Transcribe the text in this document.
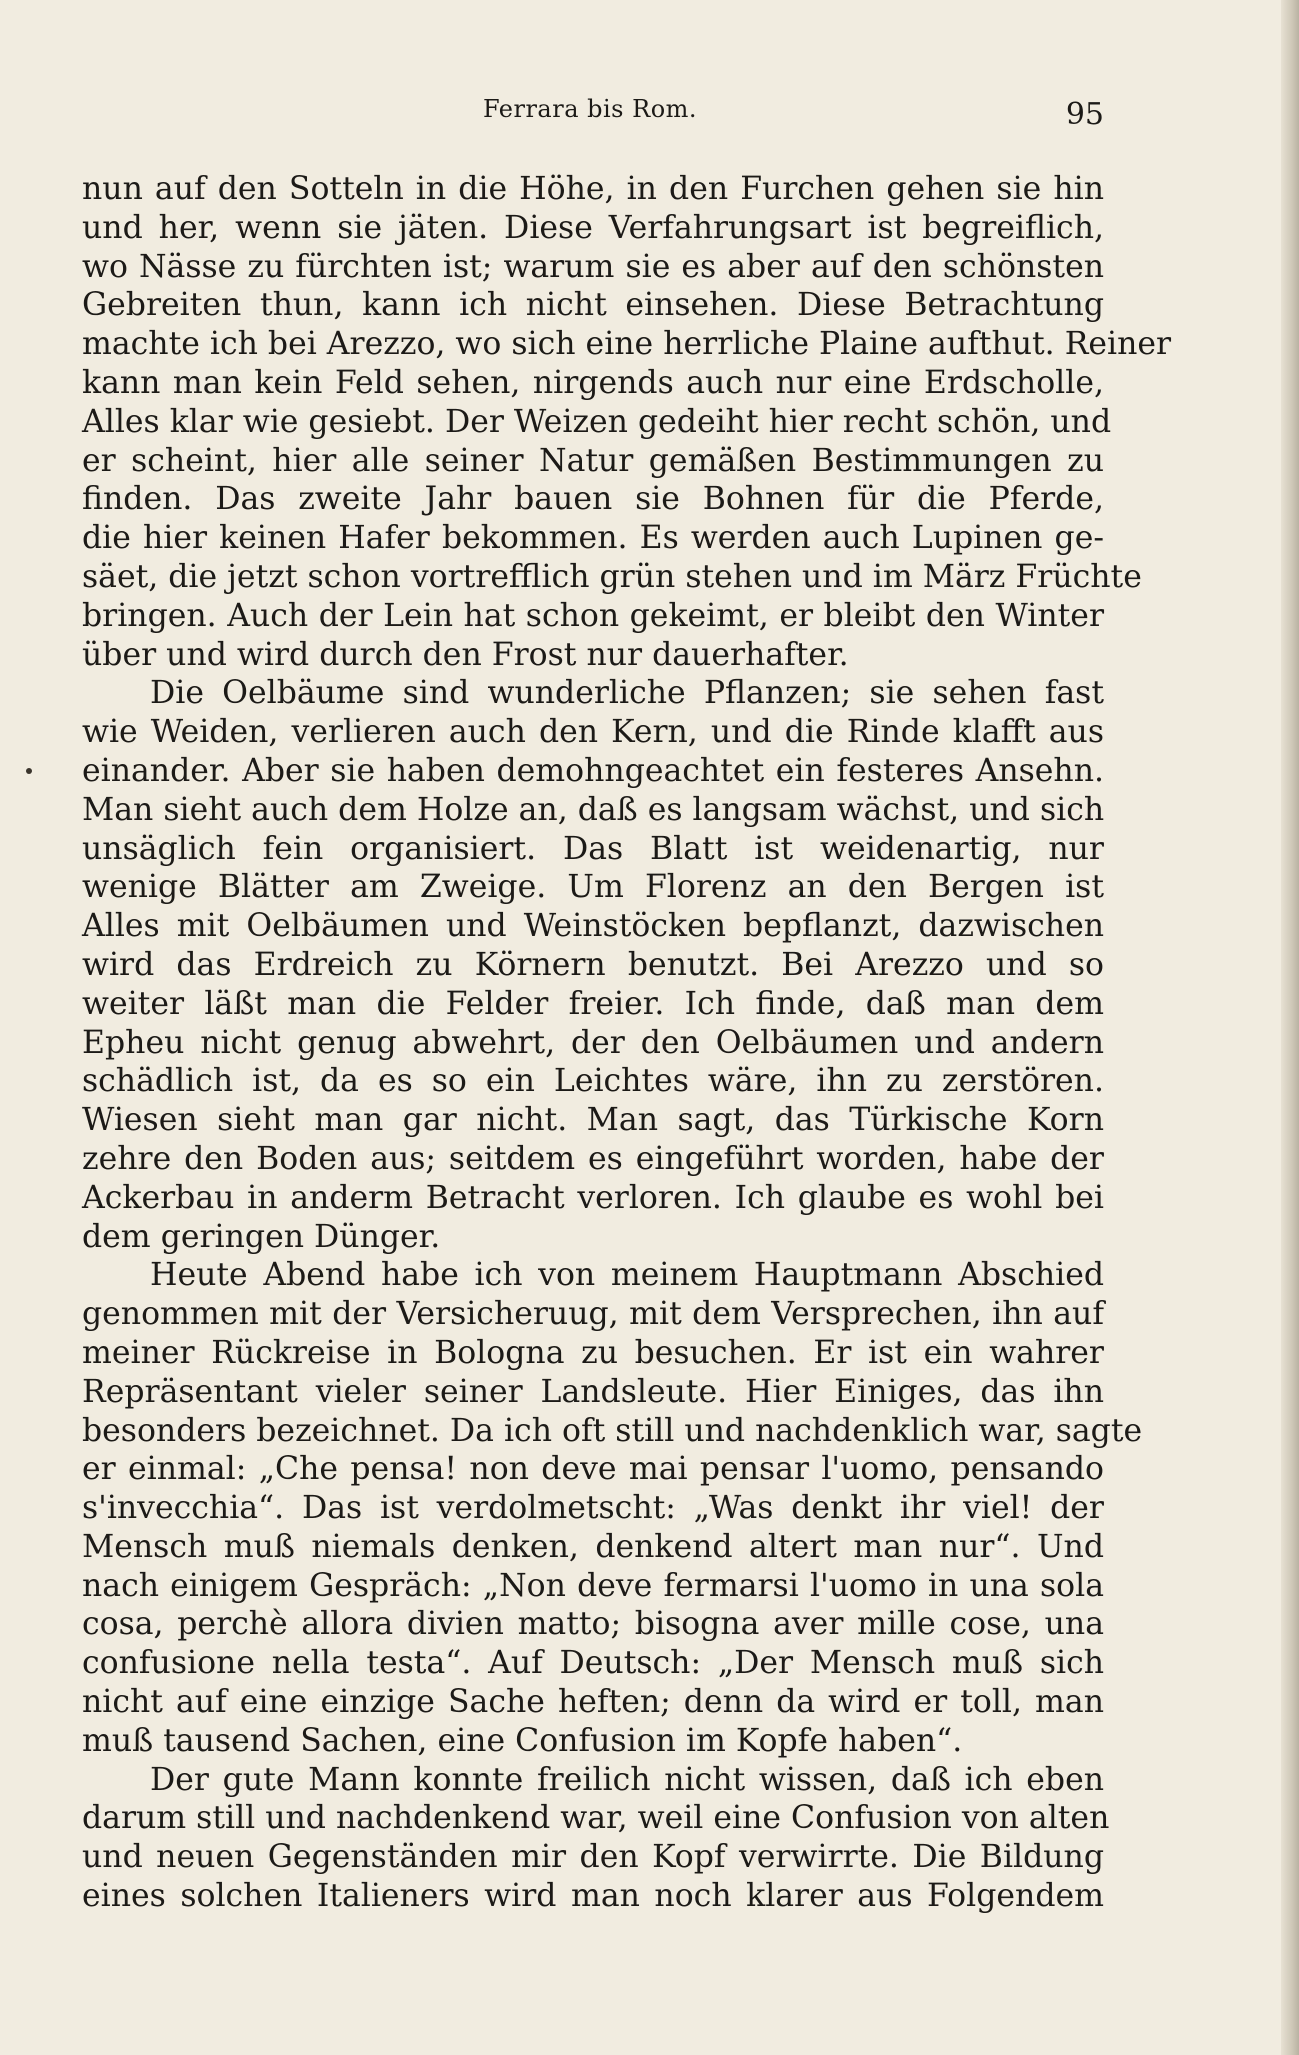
Ferrara bis Rom.	95
nun auf den Sotteln in die Höhe, in den Furchen gehen sie hin
und her, wenn sie jäten. Diese Verfahrungsart ist begreiflich,
wo Nässe zu fürchten ist; warum sie es aber auf den schönsten
Gebreiten thun, kann ich nicht einsehen. Diese Betrachtung
machte ich bei Arezzo, wo sich eine herrliche Plaine aufthut. Reiner
kann man kein Feld sehen, nirgends auch nur eine Erdscholle,
Alles klar wie gesiebt. Der Weizen gedeiht hier recht schön, und
er scheint, hier alle seiner Natur gemäßen Bestimmungen zu
finden. Das zweite Jahr bauen sie Bohnen für die Pferde,
die hier keinen Hafer bekommen. Es werden auch Lupinen ge-
säet, die jetzt schon vortrefflich grün stehen und im März Früchte
bringen. Auch der Lein hat schon gekeimt, er bleibt den Winter
über und wird durch den Frost nur dauerhafter.
Die Oelbäume sind wunderliche Pflanzen; sie sehen fast
wie Weiden, verlieren auch den Kern, und die Rinde klafft aus
einander. Aber sie haben demohngeachtet ein festeres Ansehn.
Man sieht auch dem Holze an, daß es langsam wächst, und sich
unsäglich fein organisiert. Das Blatt ist weidenartig, nur
wenige Blätter am Zweige. Um Florenz an den Bergen ist
Alles mit Oelbäumen und Weinstöcken bepflanzt, dazwischen
wird das Erdreich zu Körnern benutzt. Bei Arezzo und so
weiter läßt man die Felder freier. Ich finde, daß man dem
Epheu nicht genug abwehrt, der den Oelbäumen und andern
schädlich ist, da es so ein Leichtes wäre, ihn zu zerstören.
Wiesen sieht man gar nicht. Man sagt, das Türkische Korn
zehre den Boden aus; seitdem es eingeführt worden, habe der
Ackerbau in anderm Betracht verloren. Ich glaube es wohl bei
dem geringen Dünger.
Heute Abend habe ich von meinem Hauptmann Abschied
genommen mit der Versicheruug, mit dem Versprechen, ihn auf
meiner Rückreise in Bologna zu besuchen. Er ist ein wahrer
Repräsentant vieler seiner Landsleute. Hier Einiges, das ihn
besonders bezeichnet. Da ich oft still und nachdenklich war, sagte
er einmal: „Che pensa! non deve mai pensar l'uomo, pensando
s'invecchia“. Das ist verdolmetscht: „Was denkt ihr viel! der
Mensch muß niemals denken, denkend altert man nur“. Und
nach einigem Gespräch: „Non deve fermarsi l'uomo in una sola
cosa, perchè allora divien matto; bisogna aver mille cose, una
confusione nella testa“. Auf Deutsch: „Der Mensch muß sich
nicht auf eine einzige Sache heften; denn da wird er toll, man
muß tausend Sachen, eine Confusion im Kopfe haben“.
Der gute Mann konnte freilich nicht wissen, daß ich eben
darum still und nachdenkend war, weil eine Confusion von alten
und neuen Gegenständen mir den Kopf verwirrte. Die Bildung
eines solchen Italieners wird man noch klarer aus Folgendem
